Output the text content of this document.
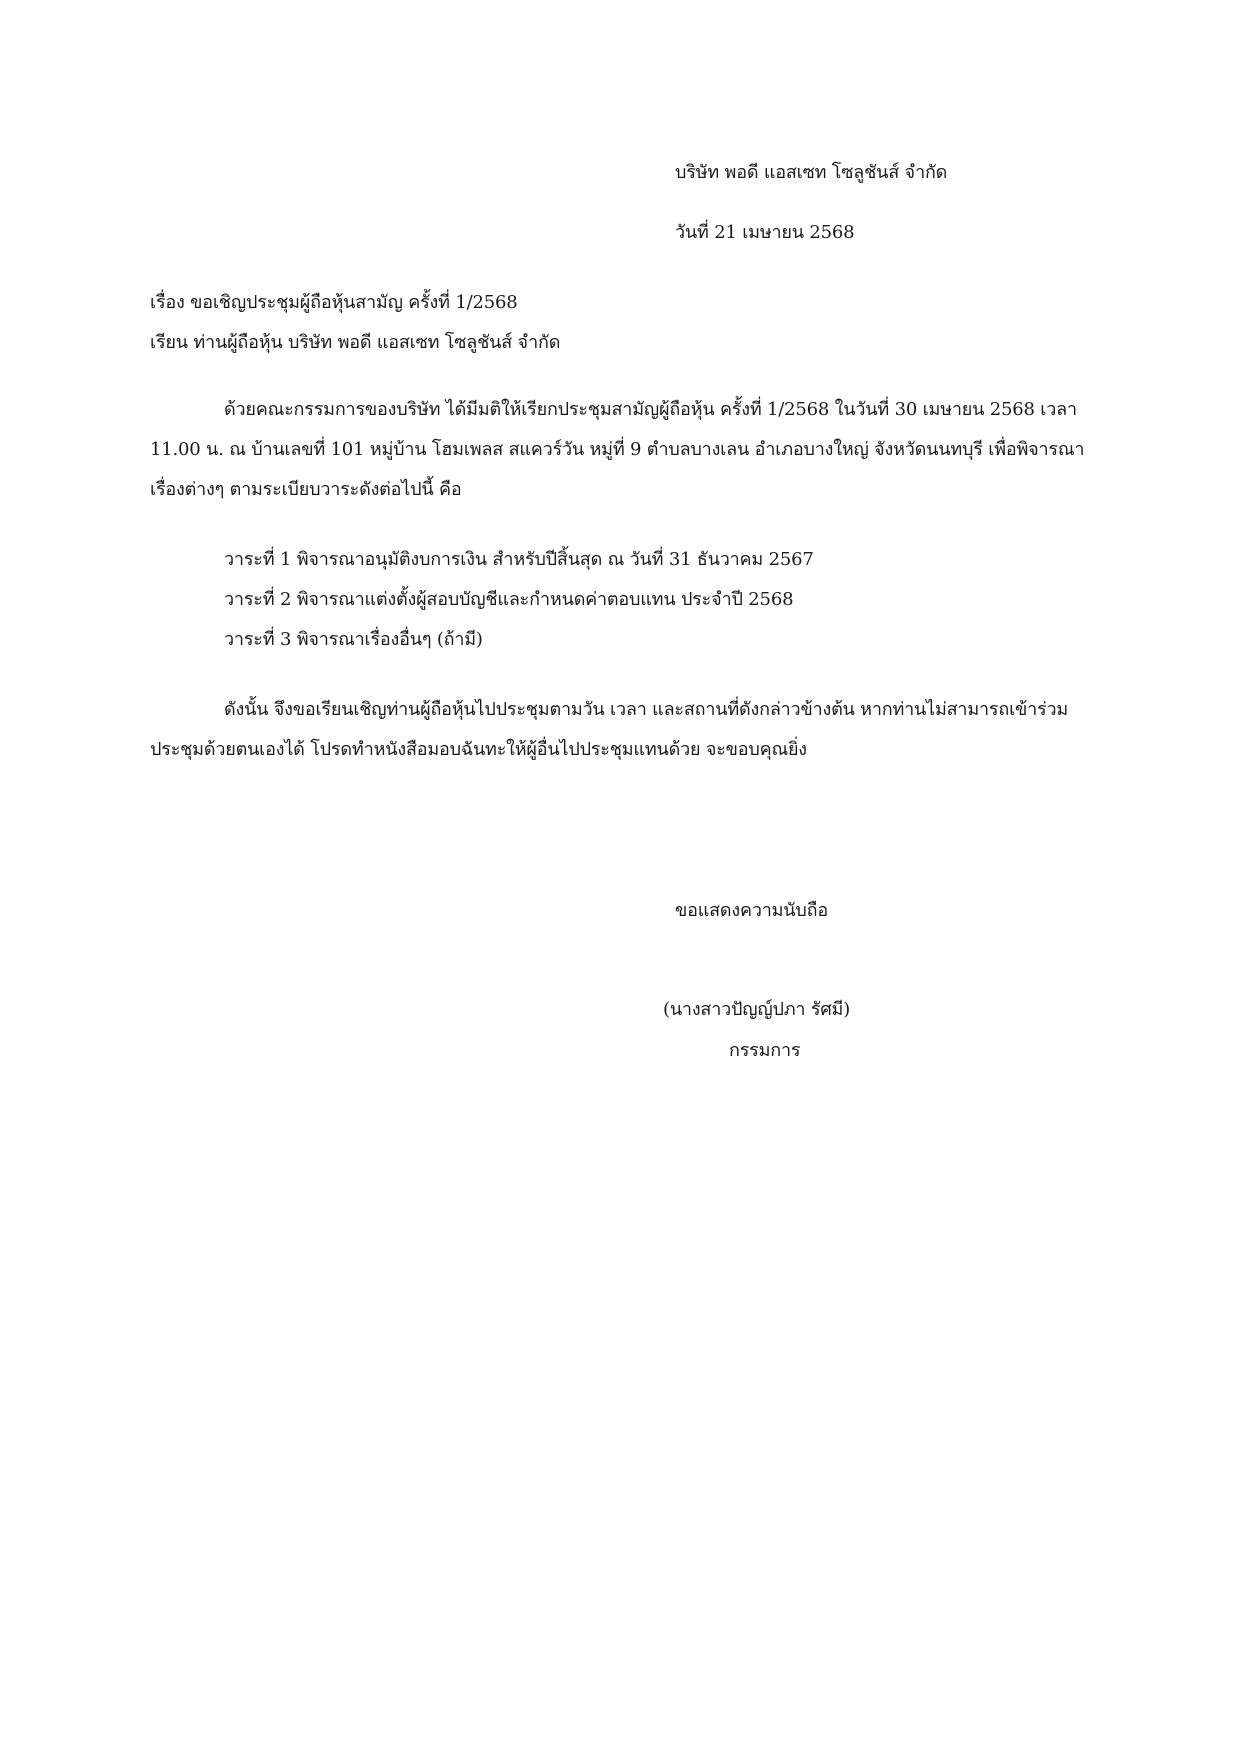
บริษัท พอดี แอสเซท โซลูชันส์ จำกัด
วันที่ 21 เมษายน 2568
เรื่อง ขอเชิญประชุมผู้ถือหุ้นสามัญ ครั้งที่ 1/2568
เรียน ท่านผู้ถือหุ้น บริษัท พอดี แอสเซท โซลูชันส์ จำกัด
ด้วยคณะกรรมการของบริษัท ได้มีมติให้เรียกประชุมสามัญผู้ถือหุ้น ครั้งที่ 1/2568 ในวันที่ 30 เมษายน 2568 เวลา
11.00 น. ณ บ้านเลขที่ 101 หมู่บ้าน โฮมเพลส สแควร์วัน หมู่ที่ 9 ตำบลบางเลน อำเภอบางใหญ่ จังหวัดนนทบุรี เพื่อพิจารณา
เรื่องต่างๆ ตามระเบียบวาระดังต่อไปนี้ คือ
วาระที่ 1 พิจารณาอนุมัติงบการเงิน สำหรับปีสิ้นสุด ณ วันที่ 31 ธันวาคม 2567
วาระที่ 2 พิจารณาแต่งตั้งผู้สอบบัญชีและกำหนดค่าตอบแทน ประจำปี 2568
วาระที่ 3 พิจารณาเรื่องอื่นๆ (ถ้ามี)
ดังนั้น จึงขอเรียนเชิญท่านผู้ถือหุ้นไปประชุมตามวัน เวลา และสถานที่ดังกล่าวข้างต้น หากท่านไม่สามารถเข้าร่วม
ประชุมด้วยตนเองได้ โปรดทำหนังสือมอบฉันทะให้ผู้อื่นไปประชุมแทนด้วย จะขอบคุณยิ่ง
ขอแสดงความนับถือ
(นางสาวปัญญ์ปภา รัศมี)
กรรมการ
